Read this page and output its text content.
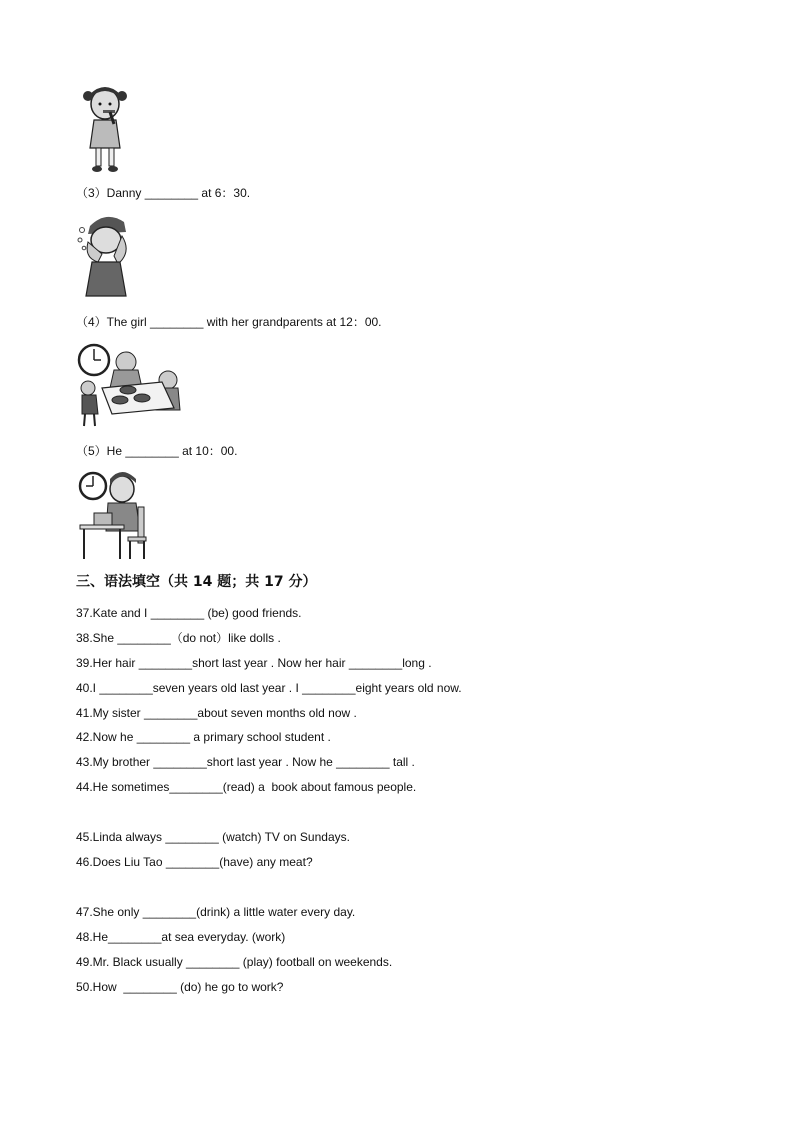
（3）Danny ________ at 6：30.
（4）The girl ________ with her grandparents at 12：00.
（5）He ________ at 10：00.
三、语法填空（共 14 题；共 17 分）
37.Kate and I ________ (be) good friends.
38.She ________（do not）like dolls .
39.Her hair ________short last year . Now her hair ________long .
40.I ________seven years old last year . I ________eight years old now.
41.My sister ________about seven months old now .
42.Now he ________ a primary school student .
43.My brother ________short last year . Now he ________ tall .
44.He sometimes________(read) a  book about famous people.
45.Linda always ________ (watch) TV on Sundays.
46.Does Liu Tao ________(have) any meat?
47.She only ________(drink) a little water every day.
48.He________at sea everyday. (work)
49.Mr. Black usually ________ (play) football on weekends.
50.How  ________ (do) he go to work?
